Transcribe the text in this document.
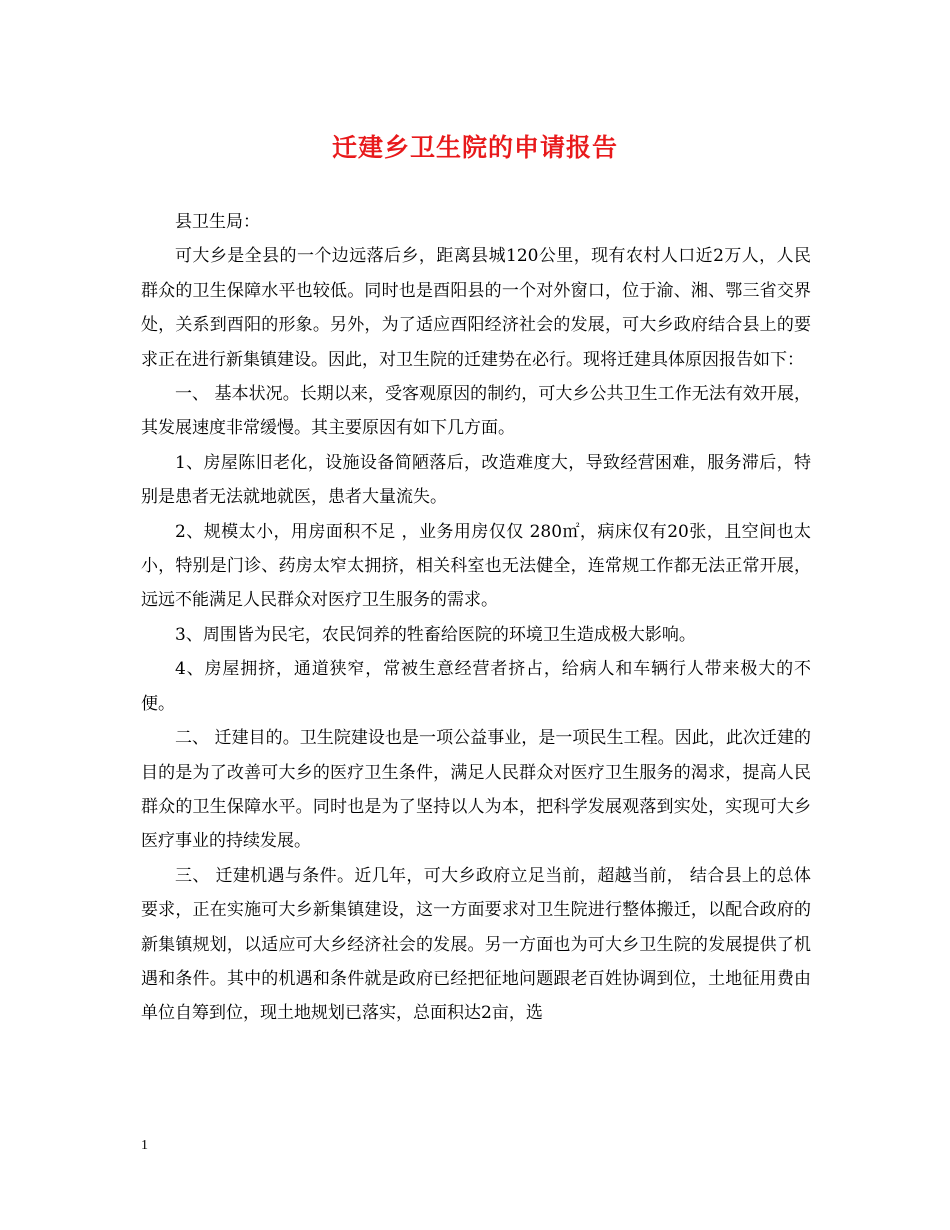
迁建乡卫生院的申请报告

县卫生局：

可大乡是全县的一个边远落后乡，距离县城120公里，现有农村人口近2万人，人民群众的卫生保障水平也较低。同时也是酉阳县的一个对外窗口，位于渝、湘、鄂三省交界处，关系到酉阳的形象。另外，为了适应酉阳经济社会的发展，可大乡政府结合县上的要求正在进行新集镇建设。因此，对卫生院的迁建势在必行。现将迁建具体原因报告如下：

一、 基本状况。长期以来，受客观原因的制约，可大乡公共卫生工作无法有效开展，其发展速度非常缓慢。其主要原因有如下几方面。

1、房屋陈旧老化，设施设备简陋落后，改造难度大，导致经营困难，服务滞后，特别是患者无法就地就医，患者大量流失。

2、规模太小，用房面积不足 ，业务用房仅仅 280㎡，病床仅有20张，且空间也太小，特别是门诊、药房太窄太拥挤，相关科室也无法健全，连常规工作都无法正常开展，远远不能满足人民群众对医疗卫生服务的需求。

3、周围皆为民宅，农民饲养的牲畜给医院的环境卫生造成极大影响。

4、房屋拥挤，通道狭窄，常被生意经营者挤占，给病人和车辆行人带来极大的不便。

二、 迁建目的。卫生院建设也是一项公益事业，是一项民生工程。因此，此次迁建的目的是为了改善可大乡的医疗卫生条件，满足人民群众对医疗卫生服务的渴求，提高人民群众的卫生保障水平。同时也是为了坚持以人为本，把科学发展观落到实处，实现可大乡医疗事业的持续发展。

三、 迁建机遇与条件。近几年，可大乡政府立足当前，超越当前， 结合县上的总体要求，正在实施可大乡新集镇建设，这一方面要求对卫生院进行整体搬迁，以配合政府的新集镇规划，以适应可大乡经济社会的发展。另一方面也为可大乡卫生院的发展提供了机遇和条件。其中的机遇和条件就是政府已经把征地问题跟老百姓协调到位，土地征用费由单位自筹到位，现土地规划已落实，总面积达2亩，选

1
